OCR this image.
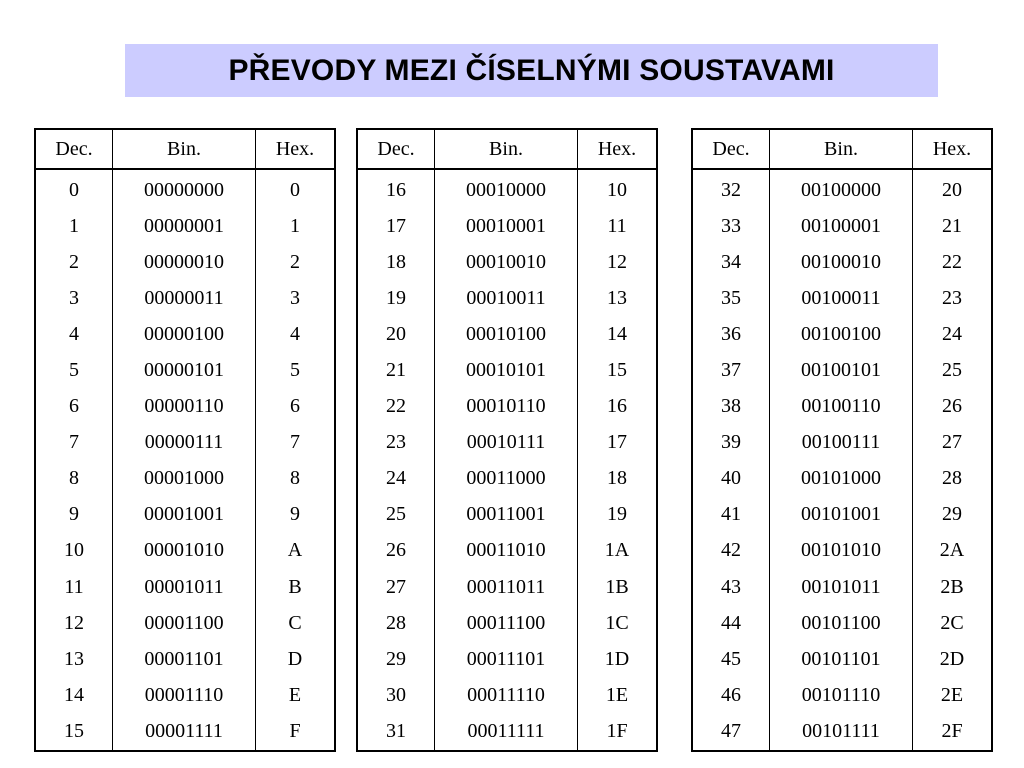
PŘEVODY MEZI ČÍSELNÝMI SOUSTAVAMI
Dec.	Bin.	Hex.
0	00000000	0
1	00000001	1
2	00000010	2
3	00000011	3
4	00000100	4
5	00000101	5
6	00000110	6
7	00000111	7
8	00001000	8
9	00001001	9
10	00001010	A
11	00001011	B
12	00001100	C
13	00001101	D
14	00001110	E
15	00001111	F
Dec.	Bin.	Hex.
16	00010000	10
17	00010001	11
18	00010010	12
19	00010011	13
20	00010100	14
21	00010101	15
22	00010110	16
23	00010111	17
24	00011000	18
25	00011001	19
26	00011010	1A
27	00011011	1B
28	00011100	1C
29	00011101	1D
30	00011110	1E
31	00011111	1F
Dec.	Bin.	Hex.
32	00100000	20
33	00100001	21
34	00100010	22
35	00100011	23
36	00100100	24
37	00100101	25
38	00100110	26
39	00100111	27
40	00101000	28
41	00101001	29
42	00101010	2A
43	00101011	2B
44	00101100	2C
45	00101101	2D
46	00101110	2E
47	00101111	2F
